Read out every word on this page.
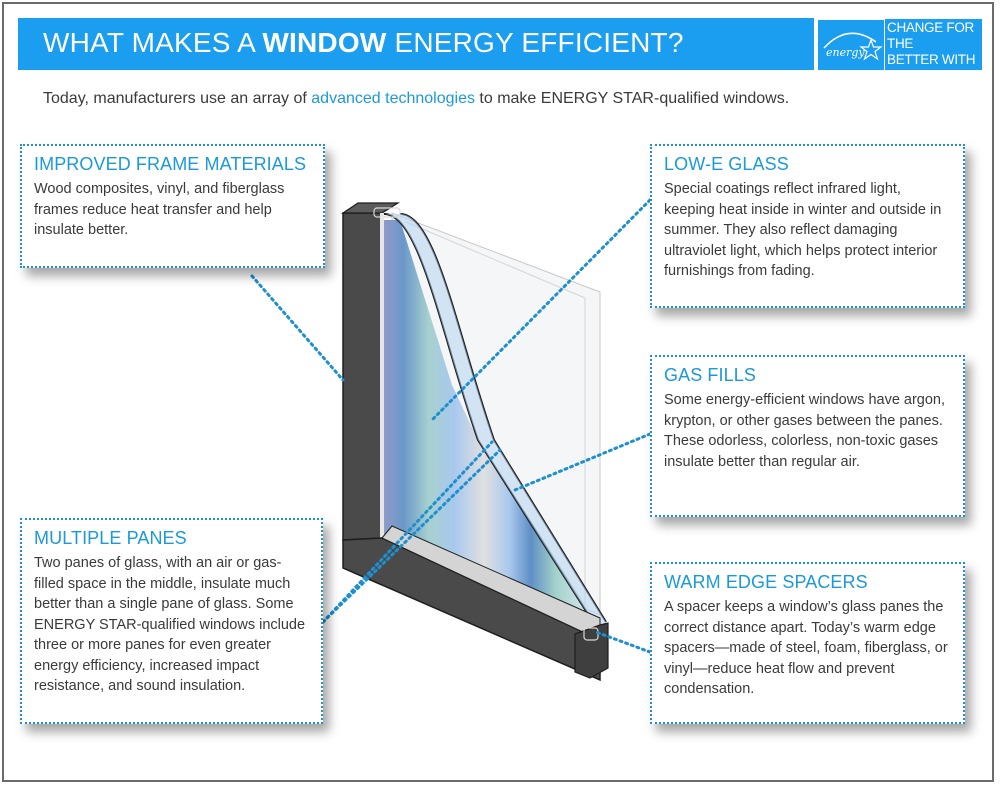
WHAT MAKES A WINDOW ENERGY EFFICIENT?	energy
CHANGE FOR THE
BETTER WITH
ENERGY STAR
Today, manufacturers use an array of advanced technologies to make ENERGY STAR-qualified windows.
IMPROVED FRAME MATERIALS

Wood composites, vinyl, and fiberglass frames reduce heat transfer and help insulate better.

LOW-E GLASS

Special coatings reflect infrared light, keeping heat inside in winter and outside in summer. They also reflect damaging ultraviolet light, which helps protect interior furnishings from fading.

GAS FILLS

Some energy-efficient windows have argon, krypton, or other gases between the panes. These odorless, colorless, non-toxic gases insulate better than regular air.

MULTIPLE PANES

Two panes of glass, with an air or gas-filled space in the middle, insulate much better than a single pane of glass. Some ENERGY STAR-qualified windows include three or more panes for even greater energy efficiency, increased impact resistance, and sound insulation.

WARM EDGE SPACERS

A spacer keeps a window’s glass panes the correct distance apart. Today’s warm edge spacers—made of steel, foam, fiberglass, or vinyl—reduce heat flow and prevent condensation.
